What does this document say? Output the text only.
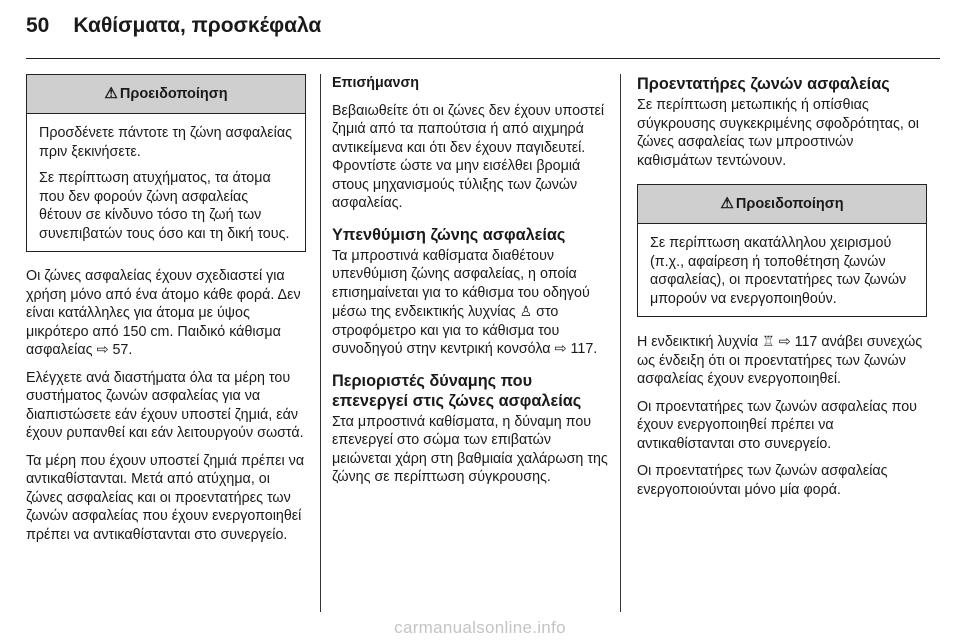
50 Καθίσματα, προσκέφαλα
⚠ Προειδοποίηση

Προσδένετε πάντοτε τη ζώνη ασφαλείας πριν ξεκινήσετε.

Σε περίπτωση ατυχήματος, τα άτομα που δεν φορούν ζώνη ασφαλείας θέτουν σε κίνδυνο τόσο τη ζωή των συνεπιβατών τους όσο και τη δική τους.

Οι ζώνες ασφαλείας έχουν σχεδιαστεί για χρήση μόνο από ένα άτομο κάθε φορά. Δεν είναι κατάλληλες για άτομα με ύψος μικρότερο από 150 cm. Παιδικό κάθισμα ασφαλείας ⇨ 57.

Ελέγχετε ανά διαστήματα όλα τα μέρη του συστήματος ζωνών ασφαλείας για να διαπιστώσετε εάν έχουν υποστεί ζημιά, εάν έχουν ρυπανθεί και εάν λειτουργούν σωστά.

Τα μέρη που έχουν υποστεί ζημιά πρέπει να αντικαθίστανται. Μετά από ατύχημα, οι ζώνες ασφαλείας και οι προεντατήρες των ζωνών ασφαλείας που έχουν ενεργοποιηθεί πρέπει να αντικαθίστανται στο συνεργείο.

Επισήμανση

Βεβαιωθείτε ότι οι ζώνες δεν έχουν υποστεί ζημιά από τα παπούτσια ή από αιχμηρά αντικείμενα και ότι δεν έχουν παγιδευτεί. Φροντίστε ώστε να μην εισέλθει βρομιά στους μηχανισμούς τύλιξης των ζωνών ασφαλείας.

Υπενθύμιση ζώνης ασφαλείας

Τα μπροστινά καθίσματα διαθέτουν υπενθύμιση ζώνης ασφαλείας, η οποία επισημαίνεται για το κάθισμα του οδηγού μέσω της ενδεικτικής λυχνίας ♙ στο στροφόμετρο και για το κάθισμα του συνοδηγού στην κεντρική κονσόλα ⇨ 117.

Περιοριστές δύναμης που επενεργεί στις ζώνες ασφαλείας

Στα μπροστινά καθίσματα, η δύναμη που επενεργεί στο σώμα των επιβατών μειώνεται χάρη στη βαθμιαία χαλάρωση της ζώνης σε περίπτωση σύγκρουσης.

Προεντατήρες ζωνών ασφαλείας

Σε περίπτωση μετωπικής ή οπίσθιας σύγκρουσης συγκεκριμένης σφοδρότητας, οι ζώνες ασφαλείας των μπροστινών καθισμάτων τεντώνουν.

⚠ Προειδοποίηση

Σε περίπτωση ακατάλληλου χειρισμού (π.χ., αφαίρεση ή τοποθέτηση ζωνών ασφαλείας), οι προεντατήρες των ζωνών μπορούν να ενεργοποιηθούν.

Η ενδεικτική λυχνία ♖ ⇨ 117 ανάβει συνεχώς ως ένδειξη ότι οι προεντατήρες των ζωνών ασφαλείας έχουν ενεργοποιηθεί.

Οι προεντατήρες των ζωνών ασφαλείας που έχουν ενεργοποιηθεί πρέπει να αντικαθίστανται στο συνεργείο.

Οι προεντατήρες των ζωνών ασφαλείας ενεργοποιούνται μόνο μία φορά.

carmanualsonline.info
